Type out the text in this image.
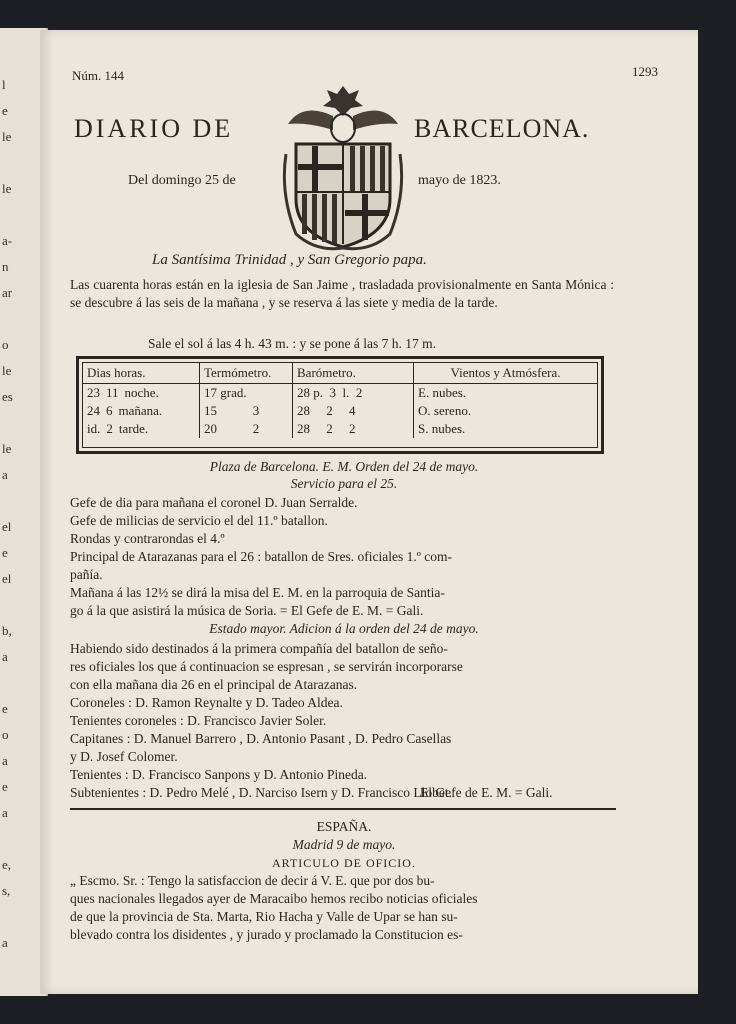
l
e
le
le
a-
n
ar
o
le
es
le
a
el
e
el
b,
a
e
o
a
e
a
e,
s,
a
Núm. 144	1293
DIARIO DE	BARCELONA.
Del domingo 25 de	mayo de 1823.
La Santísima Trinidad , y San Gregorio papa.
Las cuarenta horas están en la iglesia de San Jaime , trasladada provisionalmente en Santa Mónica : se descubre á las seis de la mañana , y se reserva á las siete y media de la tarde.
Sale el sol á las 4 h. 43 m. : y se pone á las 7 h. 17 m.
Dias horas.	Termómetro.	Barómetro.	Vientos y Atmósfera.
23 11 noche.	17 grad.	28 p.  3  l.  2	E. nubes.
24 6 mañana.	15           3	28     2     4	O. sereno.
id. 2 tarde.	20           2	28     2     2	S. nubes.
Plaza de Barcelona. E. M. Orden del 24 de mayo.
Servicio para el 25.
Gefe de dia para mañana el coronel D. Juan Serralde.
Gefe de milicias de servicio el del 11.º batallon.
Rondas y contrarondas el 4.º
Principal de Atarazanas para el 26 : batallon de Sres. oficiales 1.º com-
pañía.
Mañana á las 12½ se dirá la misa del E. M. en la parroquia de Santia-
go á la que asistirá la música de Soria. = El Gefe de E. M. = Gali.
Estado mayor. Adicion á la orden del 24 de mayo.
Habiendo sido destinados á la primera compañía del batallon de seño-
res oficiales los que á continuacion se espresan , se servirán incorporarse
con ella mañana dia 26 en el principal de Atarazanas.
Coroneles : D. Ramon Reynalte y D. Tadeo Aldea.
Tenientes coroneles : D. Francisco Javier Soler.
Capitanes : D. Manuel Barrero , D. Antonio Pasant , D. Pedro Casellas
y D. Josef Colomer.
Tenientes : D. Francisco Sanpons y D. Antonio Pineda.
Subtenientes : D. Pedro Melé , D. Narciso Isern y D. Francisco Llobet.
El Gefe de E. M. = Gali.
ESPAÑA.
Madrid 9 de mayo.
ARTICULO DE OFICIO.
„ Escmo. Sr. : Tengo la satisfaccion de decir á V. E. que por dos bu-
ques nacionales llegados ayer de Maracaibo hemos recibo noticias oficiales
de que la provincia de Sta. Marta, Rio Hacha y Valle de Upar se han su-
blevado contra los disidentes , y jurado y proclamado la Constitucion es-
